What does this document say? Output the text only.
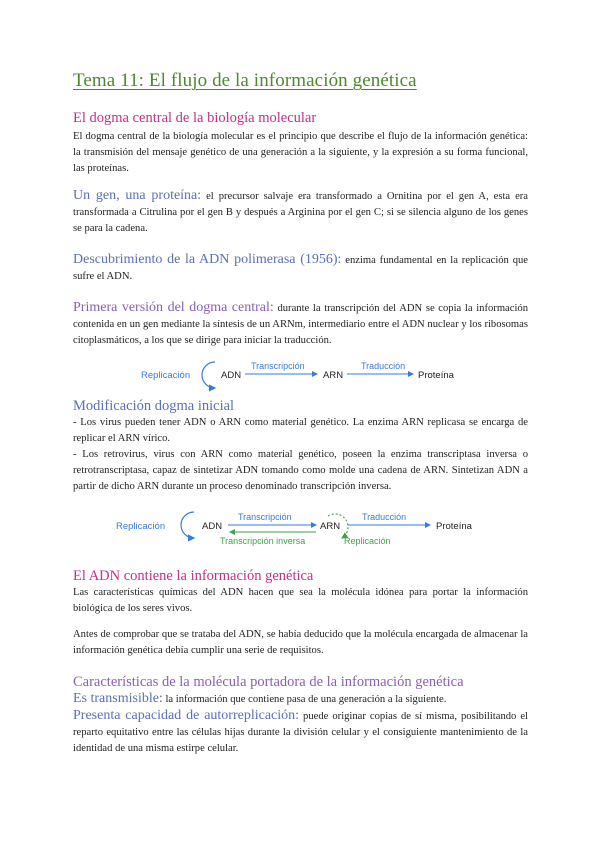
Tema 11: El flujo de la información genética
El dogma central de la biología molecular
El dogma central de la biología molecular es el principio que describe el flujo de la información genética: la transmisión del mensaje genético de una generación a la siguiente, y la expresión a su forma funcional, las proteínas.
Un gen, una proteína: el precursor salvaje era transformado a Ornitina por el gen A, esta era transformada a Citrulina por el gen B y después a Arginina por el gen C; si se silencia alguno de los genes se para la cadena.
Descubrimiento de la ADN polimerasa (1956): enzima fundamental en la replicación que sufre el ADN.
Primera versión del dogma central: durante la transcripción del ADN se copia la información contenida en un gen mediante la síntesis de un ARNm, intermediario entre el ADN nuclear y los ribosomas citoplasmáticos, a los que se dirige para iniciar la traducción.
Replicación	ADN
Transcripción
ARN
Traducción
Proteína
Modificación dogma inicial
- Los virus pueden tener ADN o ARN como material genético. La enzima ARN replicasa se encarga de replicar el ARN vírico.
- Los retrovirus, virus con ARN como material genético, poseen la enzima transcriptasa inversa o retrotranscriptasa, capaz de sintetizar ADN tomando como molde una cadena de ARN. Sintetizan ADN a partir de dicho ARN durante un proceso denominado transcripción inversa.
Replicación	ADN
Transcripción
Transcripción inversa
ARN
Replicación
Traducción
Proteína
El ADN contiene la información genética
Las características químicas del ADN hacen que sea la molécula idónea para portar la información biológica de los seres vivos.
Antes de comprobar que se trataba del ADN, se había deducido que la molécula encargada de almacenar la información genética debía cumplir una serie de requisitos.
Características de la molécula portadora de la información genética
Es transmisible: la información que contiene pasa de una generación a la siguiente.
Presenta capacidad de autorreplicación: puede originar copias de sí misma, posibilitando el reparto equitativo entre las células hijas durante la división celular y el consiguiente mantenimiento de la identidad de una misma estirpe celular.
